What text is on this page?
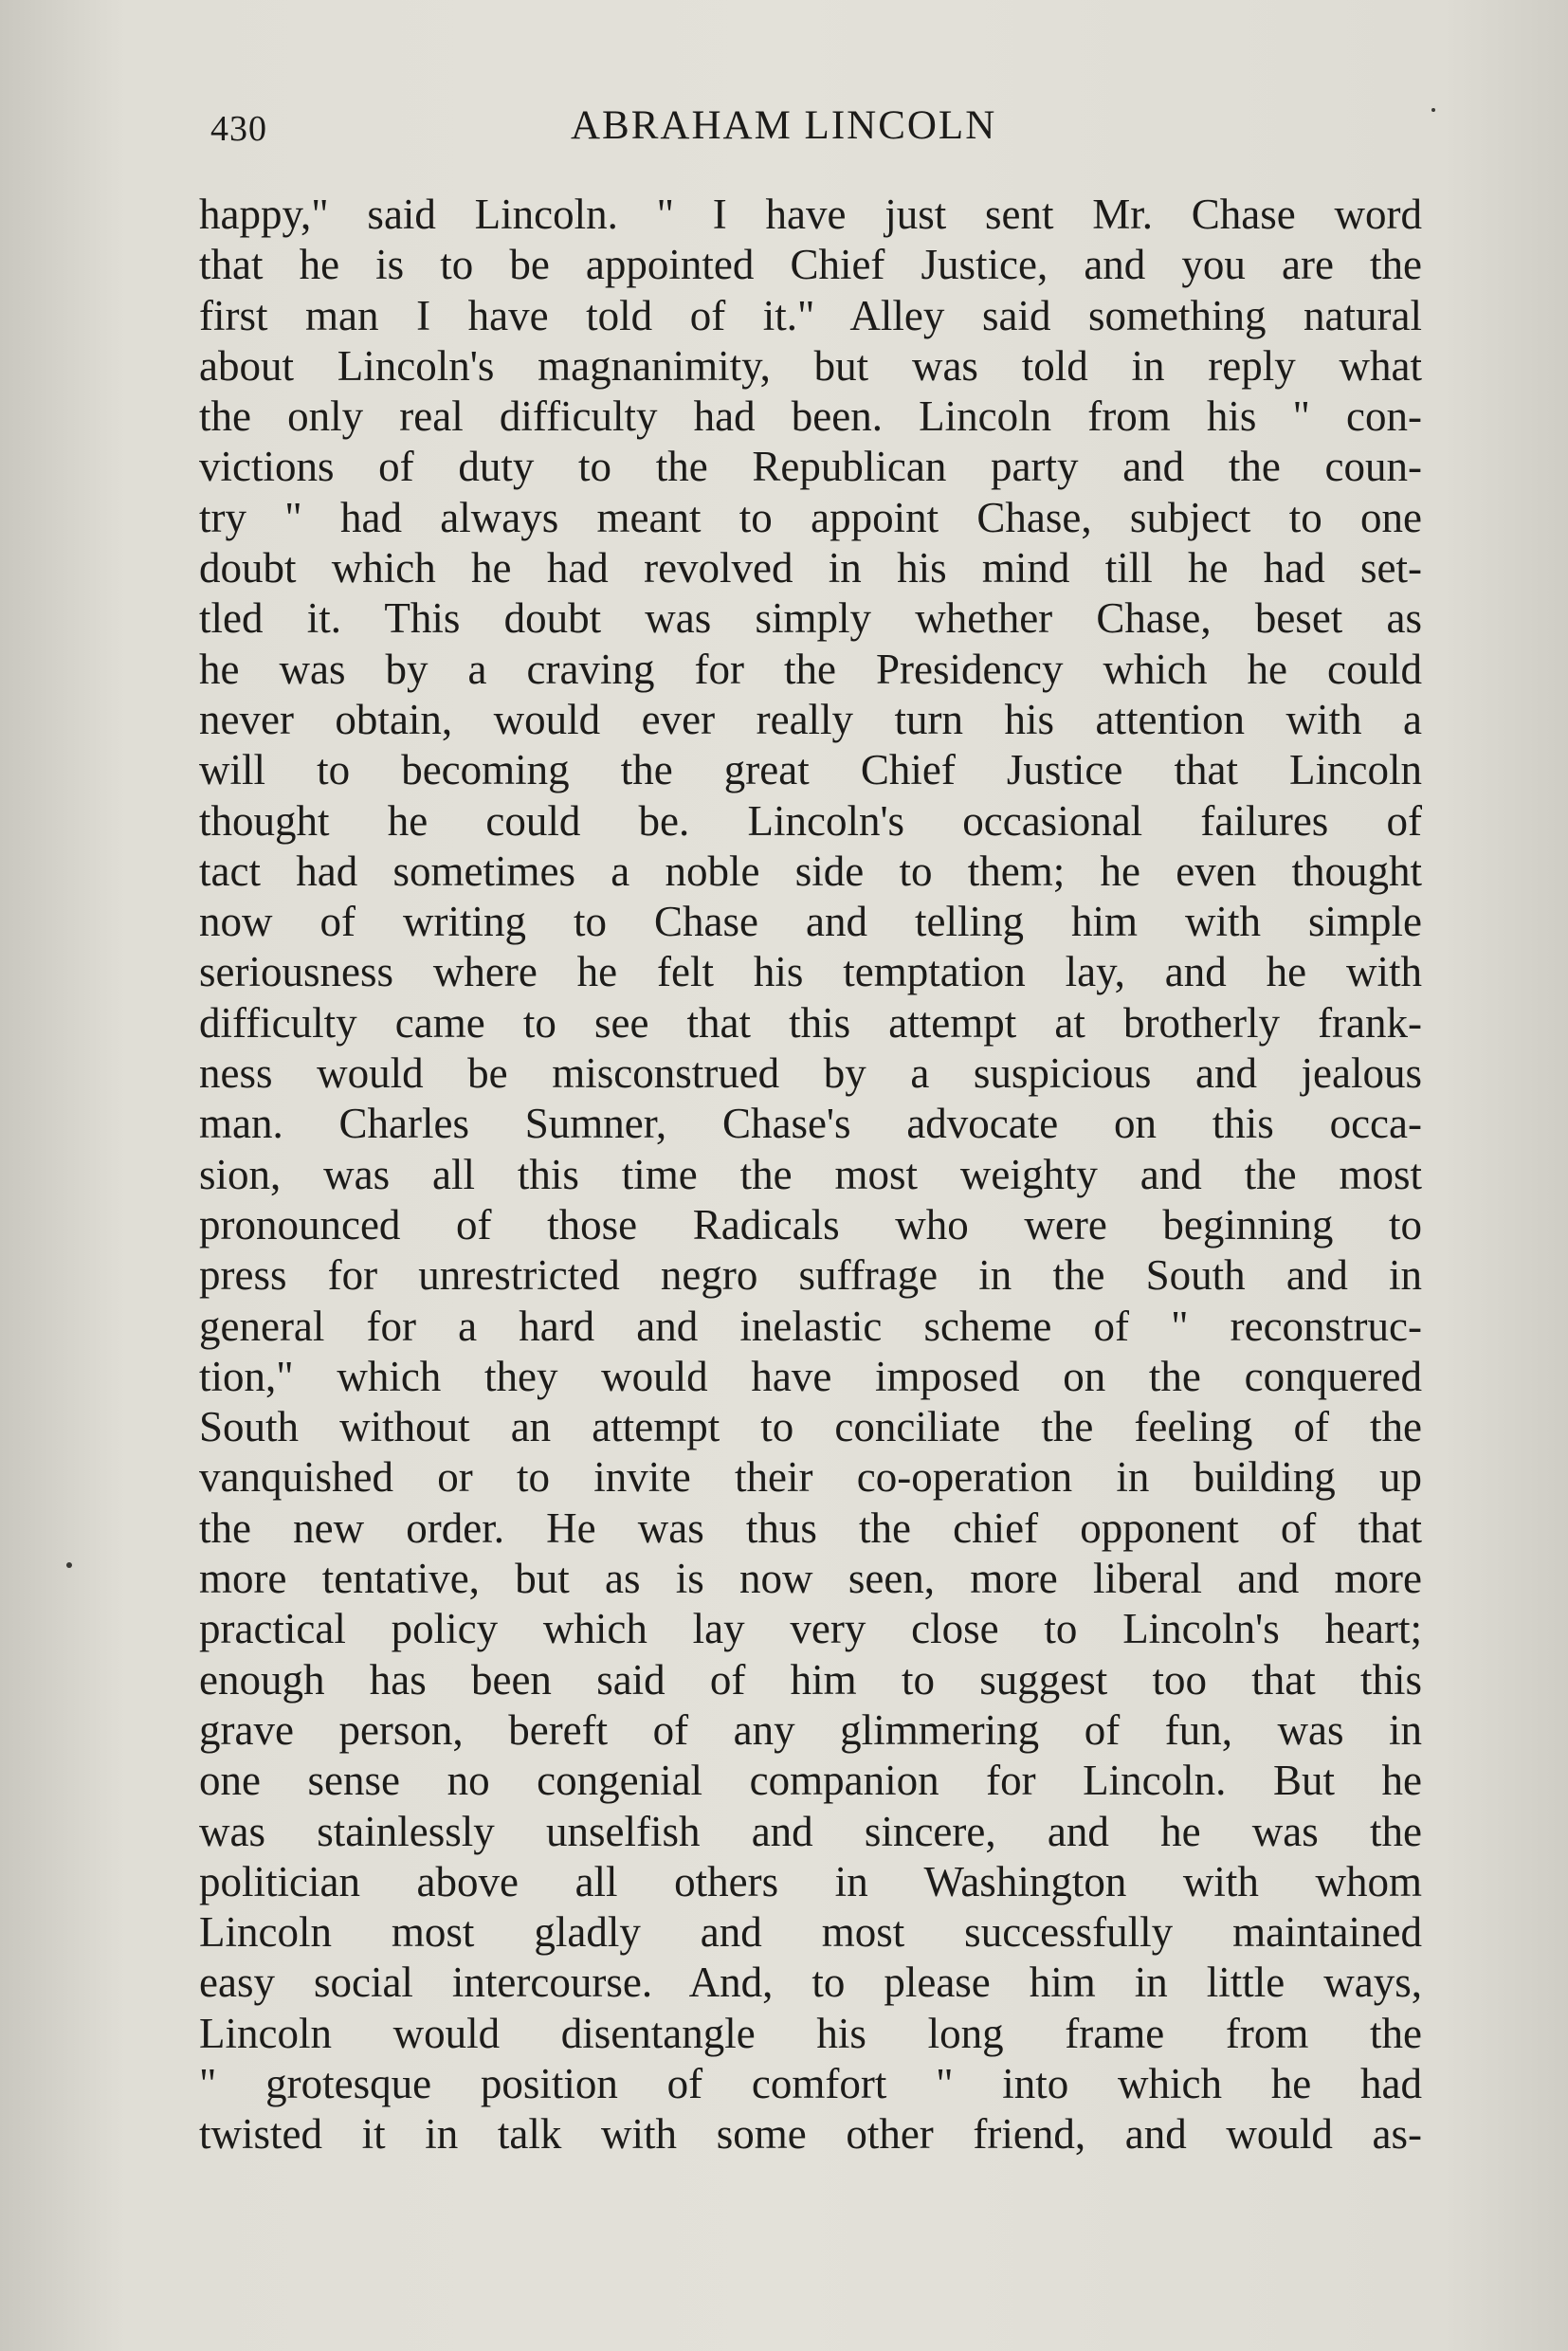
430	ABRAHAM LINCOLN
happy," said Lincoln. " I have just sent Mr. Chase word
that he is to be appointed Chief Justice, and you are the
first man I have told of it." Alley said something natural
about Lincoln's magnanimity, but was told in reply what
the only real difficulty had been. Lincoln from his " con-
victions of duty to the Republican party and the coun-
try " had always meant to appoint Chase, subject to one
doubt which he had revolved in his mind till he had set-
tled it. This doubt was simply whether Chase, beset as
he was by a craving for the Presidency which he could
never obtain, would ever really turn his attention with a
will to becoming the great Chief Justice that Lincoln
thought he could be. Lincoln's occasional failures of
tact had sometimes a noble side to them; he even thought
now of writing to Chase and telling him with simple
seriousness where he felt his temptation lay, and he with
difficulty came to see that this attempt at brotherly frank-
ness would be misconstrued by a suspicious and jealous
man. Charles Sumner, Chase's advocate on this occa-
sion, was all this time the most weighty and the most
pronounced of those Radicals who were beginning to
press for unrestricted negro suffrage in the South and in
general for a hard and inelastic scheme of " reconstruc-
tion," which they would have imposed on the conquered
South without an attempt to conciliate the feeling of the
vanquished or to invite their co-operation in building up
the new order. He was thus the chief opponent of that
more tentative, but as is now seen, more liberal and more
practical policy which lay very close to Lincoln's heart;
enough has been said of him to suggest too that this
grave person, bereft of any glimmering of fun, was in
one sense no congenial companion for Lincoln. But he
was stainlessly unselfish and sincere, and he was the
politician above all others in Washington with whom
Lincoln most gladly and most successfully maintained
easy social intercourse. And, to please him in little ways,
Lincoln would disentangle his long frame from the
" grotesque position of comfort " into which he had
twisted it in talk with some other friend, and would as-
